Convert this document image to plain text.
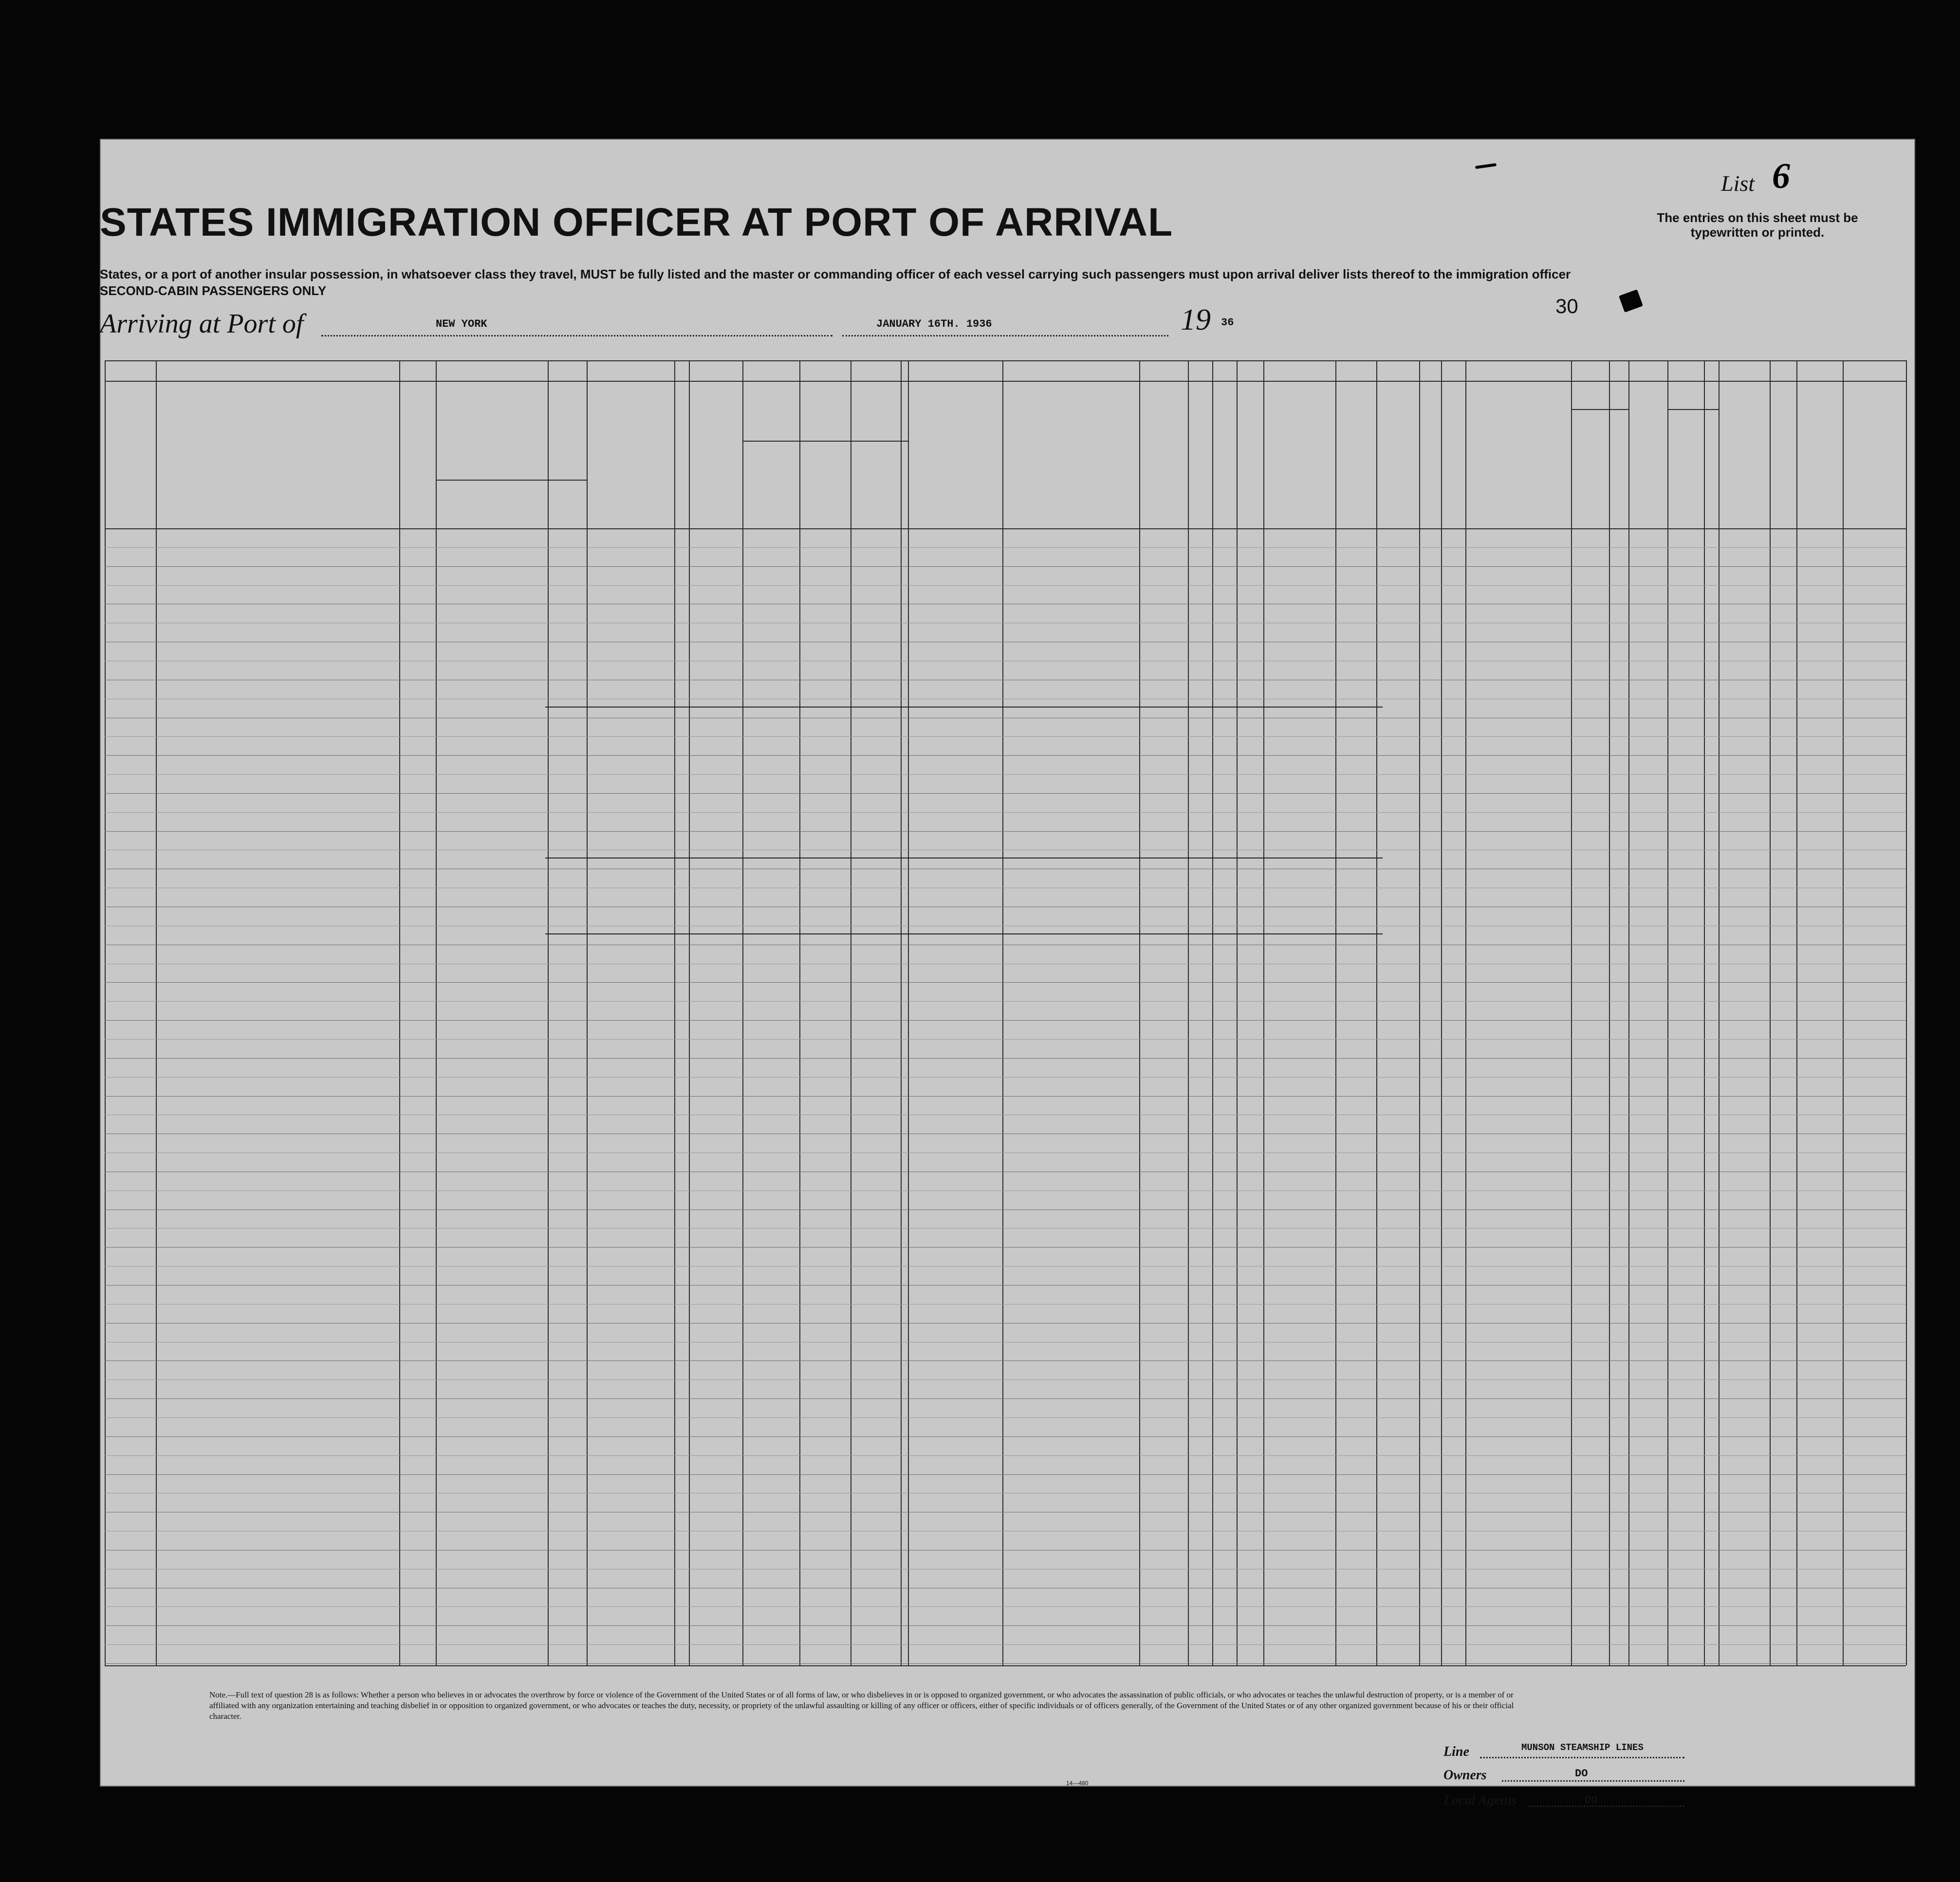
STATES IMMIGRATION OFFICER AT PORT OF ARRIVAL
States, or a port of another insular possession, in whatsoever class they travel, MUST be fully listed and the master or commanding officer of each vessel carrying such passengers must upon arrival deliver lists thereof to the immigration officer
SECOND-CABIN PASSENGERS ONLY
List 6
The entries on this sheet must be typewritten or printed.
30
Arriving at Port of	NEW YORK	JANUARY 16TH. 1936	19 36
Note.—Full text of question 28 is as follows: Whether a person who believes in or advocates the overthrow by force or violence of the Government of the United States or of all forms of law, or who disbelieves in or is opposed to organized government, or who advocates the assassination of public officials, or who advocates or teaches the unlawful destruction of property, or is a member of or affiliated with any organization entertaining and teaching disbelief in or opposition to organized government, or who advocates or teaches the duty, necessity, or propriety of the unlawful assaulting or killing of any officer or officers, either of specific individuals or of officers generally, of the Government of the United States or of any other organized government because of his or their official character.
14—480
Line	MUNSON STEAMSHIP LINES
Owners	DO
Local Agents	DO
